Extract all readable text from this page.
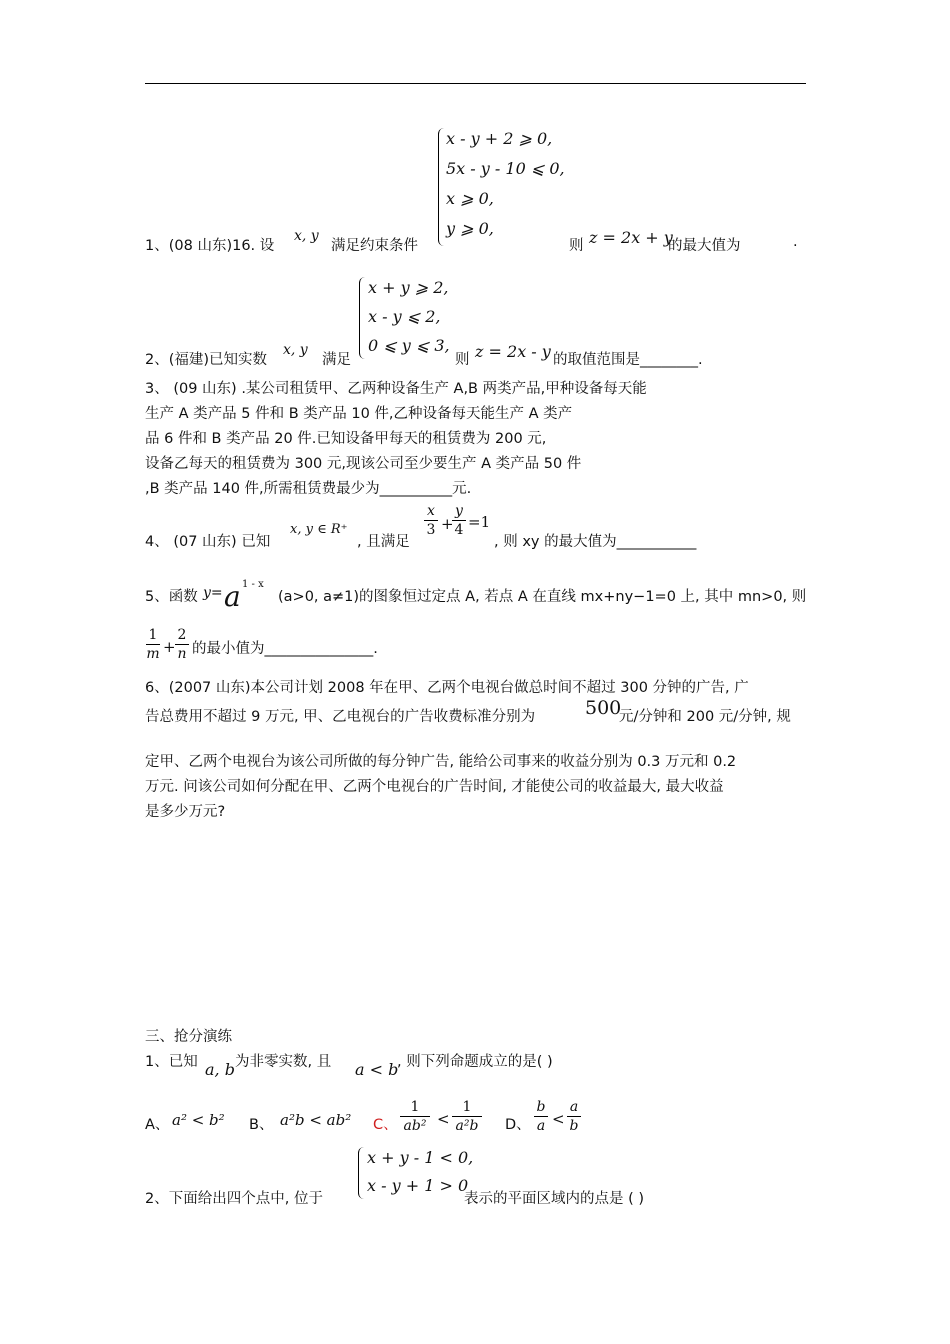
x - y + 2 ⩾ 0,
5x - y - 10 ⩽ 0,
x ⩾ 0,
y ⩾ 0,
1、(08 山东)16. 设
x, y
满足约束条件	则 z = 2x + y
的最大值为	.
x + y ⩾ 2,
x - y ⩽ 2,
0 ⩽ y ⩽ 3,
2、(福建)已知实数
x, y
满足	则 z = 2x - y 的取值范围是________.
3、 (09 山东) .某公司租赁甲、乙两种设备生产 A,B 两类产品,甲种设备每天能
生产 A 类产品 5 件和 B 类产品 10 件,乙种设备每天能生产 A 类产
品 6 件和 B 类产品 20 件.已知设备甲每天的租赁费为 200 元,
设备乙每天的租赁费为 300 元,现该公司至少要生产 A 类产品 50 件
,B 类产品 140 件,所需租赁费最少为__________元.
4、 (07 山东) 已知
x, y ∈ R⁺
, 且满足
x
3 +
y
4 =1
, 则 xy 的最大值为___________
5、函数 y= a 1 - x
(a>0, a≠1)的图象恒过定点 A, 若点 A 在直线 mx+ny−1=0 上, 其中 mn>0, 则
1
m +
2
n 的最小值为_______________.
6、(2007 山东)本公司计划 2008 年在甲、乙两个电视台做总时间不超过 300 分钟的广告, 广
告总费用不超过 9 万元, 甲、乙电视台的广告收费标准分别为	500
元/分钟和 200 元/分钟, 规
定甲、乙两个电视台为该公司所做的每分钟广告, 能给公司事来的收益分别为 0.3 万元和 0.2
万元. 问该公司如何分配在甲、乙两个电视台的广告时间, 才能使公司的收益最大, 最大收益
是多少万元?
三、抢分演练
1、已知 a, b 为非零实数, 且 a < b
, 则下列命题成立的是( )
A、 a² < b² B、 a²b < ab² C、
1
ab² <
1
a²b D、
b
a <
a
b
x + y - 1 < 0,
x - y + 1 > 0
2、下面给出四个点中, 位于	表示的平面区域内的点是 ( )
